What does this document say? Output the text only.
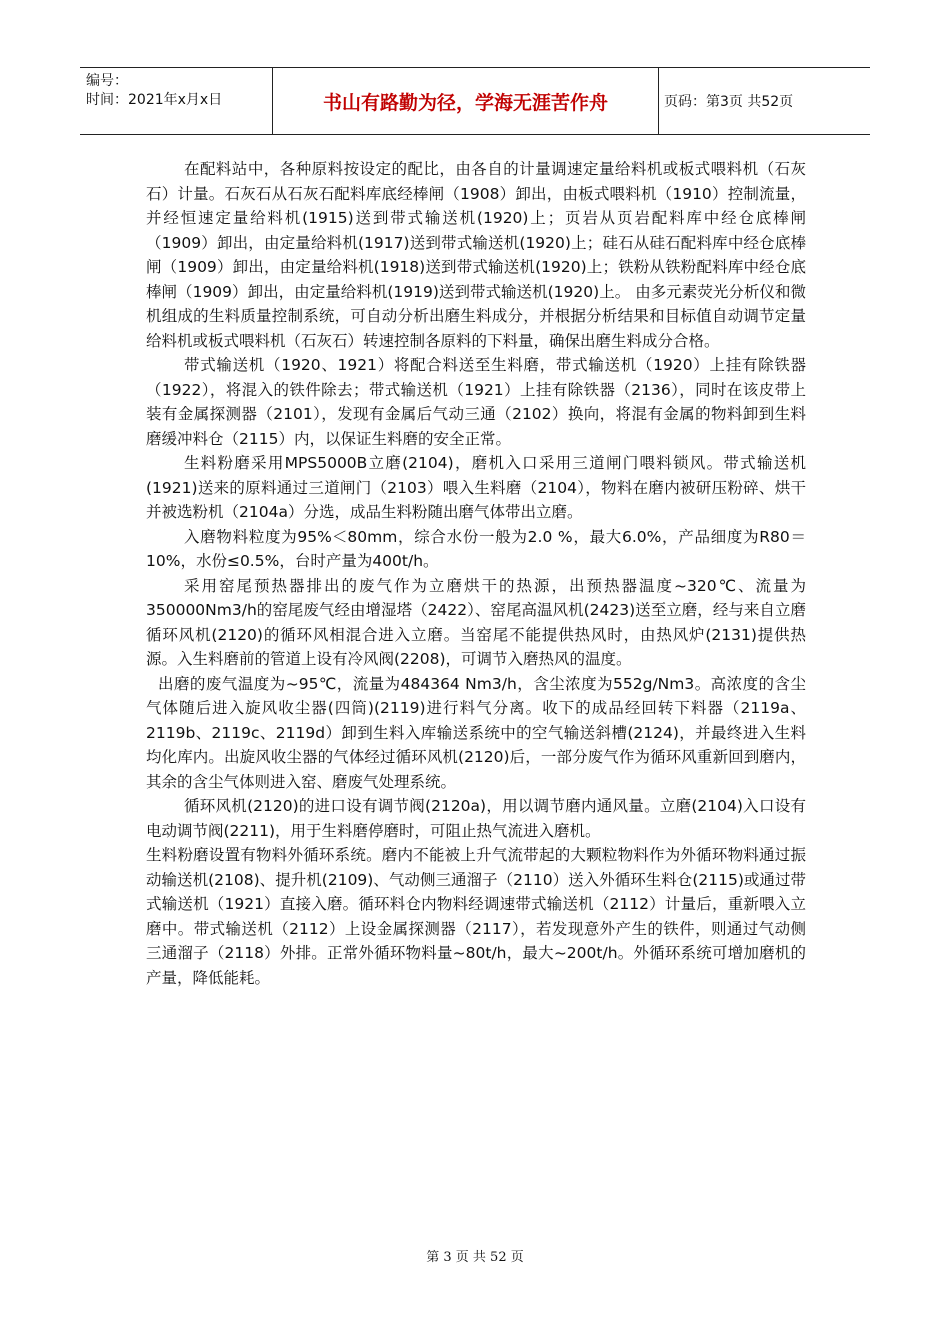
编号：
时间：2021年x月x日	书山有路勤为径，学海无涯苦作舟	页码：第3页 共52页

在配料站中，各种原料按设定的配比，由各自的计量调速定量给料机或板式喂料机（石灰石）计量。石灰石从石灰石配料库底经棒闸（1908）卸出，由板式喂料机（1910）控制流量，并经恒速定量给料机(1915)送到带式输送机(1920)上；页岩从页岩配料库中经仓底棒闸（1909）卸出，由定量给料机(1917)送到带式输送机(1920)上；硅石从硅石配料库中经仓底棒闸（1909）卸出，由定量给料机(1918)送到带式输送机(1920)上；铁粉从铁粉配料库中经仓底棒闸（1909）卸出，由定量给料机(1919)送到带式输送机(1920)上。 由多元素荧光分析仪和微机组成的生料质量控制系统，可自动分析出磨生料成分，并根据分析结果和目标值自动调节定量给料机或板式喂料机（石灰石）转速控制各原料的下料量，确保出磨生料成分合格。

带式输送机（1920、1921）将配合料送至生料磨，带式输送机（1920）上挂有除铁器（1922），将混入的铁件除去；带式输送机（1921）上挂有除铁器（2136），同时在该皮带上装有金属探测器（2101），发现有金属后气动三通（2102）换向，将混有金属的物料卸到生料磨缓冲料仓（2115）内，以保证生料磨的安全正常。

生料粉磨采用MPS5000B立磨(2104)，磨机入口采用三道闸门喂料锁风。带式输送机(1921)送来的原料通过三道闸门（2103）喂入生料磨（2104），物料在磨内被研压粉碎、烘干并被选粉机（2104a）分选，成品生料粉随出磨气体带出立磨。

入磨物料粒度为95%＜80mm，综合水份一般为2.0 %，最大6.0%，产品细度为R80＝10%，水份≤0.5%，台时产量为400t/h。

采用窑尾预热器排出的废气作为立磨烘干的热源，出预热器温度~320℃、流量为350000Nm3/h的窑尾废气经由增湿塔（2422）、窑尾高温风机(2423)送至立磨，经与来自立磨循环风机(2120)的循环风相混合进入立磨。当窑尾不能提供热风时，由热风炉(2131)提供热源。入生料磨前的管道上设有冷风阀(2208)，可调节入磨热风的温度。

出磨的废气温度为~95℃，流量为484364 Nm3/h，含尘浓度为552g/Nm3。高浓度的含尘气体随后进入旋风收尘器(四筒)(2119)进行料气分离。收下的成品经回转下料器（2119a、2119b、2119c、2119d）卸到生料入库输送系统中的空气输送斜槽(2124)，并最终进入生料均化库内。出旋风收尘器的气体经过循环风机(2120)后，一部分废气作为循环风重新回到磨内，其余的含尘气体则进入窑、磨废气处理系统。

循环风机(2120)的进口设有调节阀(2120a)，用以调节磨内通风量。立磨(2104)入口设有电动调节阀(2211)，用于生料磨停磨时，可阻止热气流进入磨机。

生料粉磨设置有物料外循环系统。磨内不能被上升气流带起的大颗粒物料作为外循环物料通过振动输送机(2108)、提升机(2109)、气动侧三通溜子（2110）送入外循环生料仓(2115)或通过带式输送机（1921）直接入磨。循环料仓内物料经调速带式输送机（2112）计量后，重新喂入立磨中。带式输送机（2112）上设金属探测器（2117），若发现意外产生的铁件，则通过气动侧三通溜子（2118）外排。正常外循环物料量~80t/h，最大~200t/h。外循环系统可增加磨机的产量，降低能耗。

第 3 页 共 52 页
